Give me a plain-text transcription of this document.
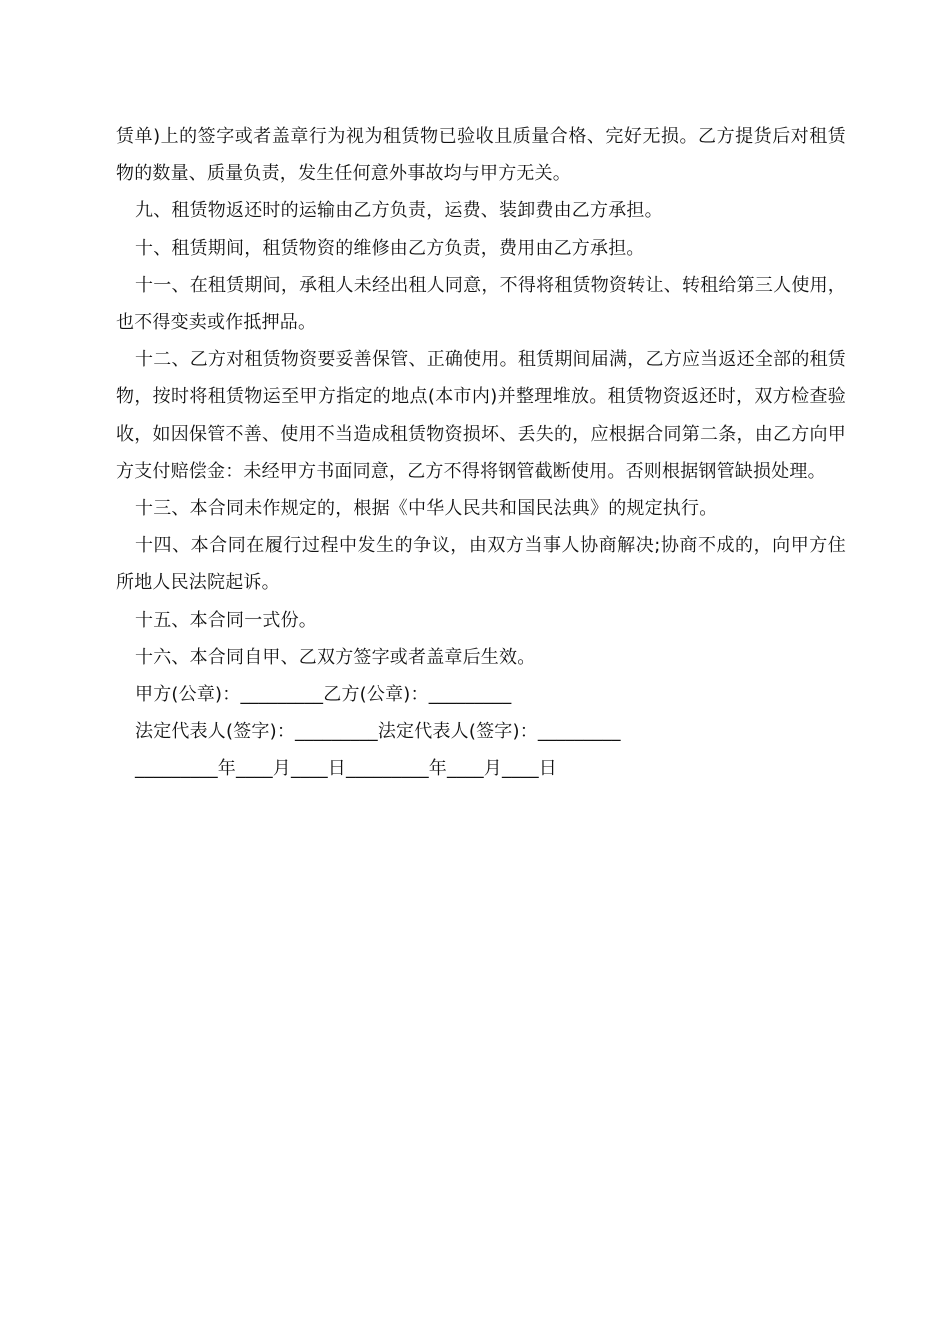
赁单)上的签字或者盖章行为视为租赁物已验收且质量合格、完好无损。乙方提货后对租赁物的数量、质量负责，发生任何意外事故均与甲方无关。

九、租赁物返还时的运输由乙方负责，运费、装卸费由乙方承担。

十、租赁期间，租赁物资的维修由乙方负责，费用由乙方承担。

十一、在租赁期间，承租人未经出租人同意，不得将租赁物资转让、转租给第三人使用，也不得变卖或作抵押品。

十二、乙方对租赁物资要妥善保管、正确使用。租赁期间届满，乙方应当返还全部的租赁物，按时将租赁物运至甲方指定的地点(本市内)并整理堆放。租赁物资返还时，双方检查验收，如因保管不善、使用不当造成租赁物资损坏、丢失的，应根据合同第二条，由乙方向甲方支付赔偿金：未经甲方书面同意，乙方不得将钢管截断使用。否则根据钢管缺损处理。

十三、本合同未作规定的，根据《中华人民共和国民法典》的规定执行。

十四、本合同在履行过程中发生的争议，由双方当事人协商解决;协商不成的，向甲方住所地人民法院起诉。

十五、本合同一式份。

十六、本合同自甲、乙双方签字或者盖章后生效。

甲方(公章)：_________乙方(公章)：_________

法定代表人(签字)：_________法定代表人(签字)：_________

_________年____月____日_________年____月____日
